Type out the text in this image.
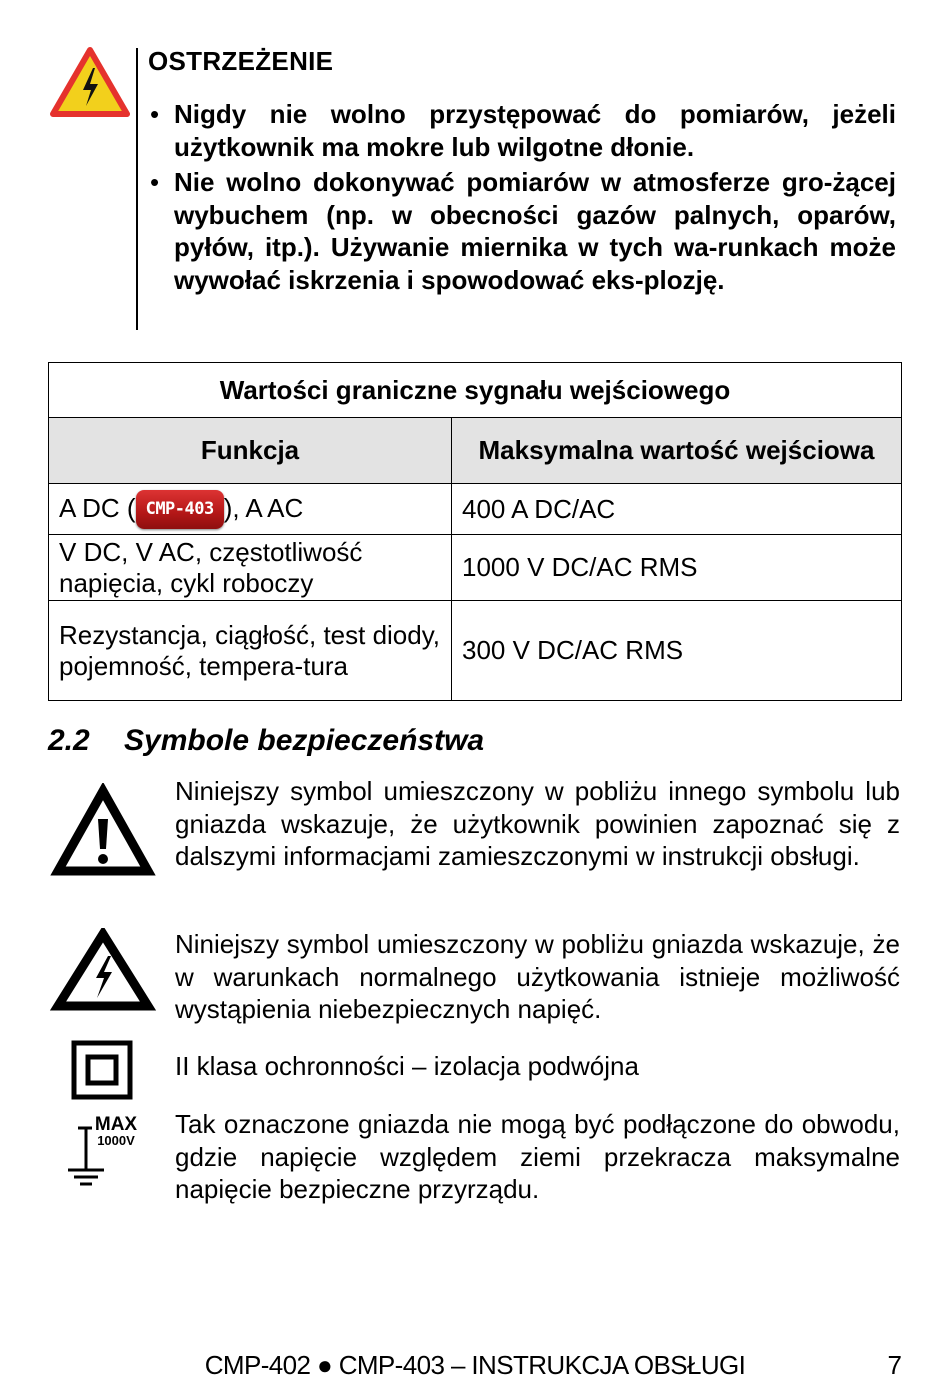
OSTRZEŻENIE
• Nigdy nie wolno przystępować do pomiarów, jeżeli użytkownik ma mokre lub wilgotne dłonie.
• Nie wolno dokonywać pomiarów w atmosferze gro-żącej wybuchem (np. w obecności gazów palnych, oparów, pyłów, itp.). Używanie miernika w tych wa-runkach może wywołać iskrzenia i spowodować eks-plozję.
Wartości graniczne sygnału wejściowego	
Funkcja	Maksymalna wartość wejściowa
A DC ( CMP-403 ), A AC	400 A DC/AC
V DC, V AC, częstotliwość napięcia, cykl roboczy	1000 V DC/AC RMS
Rezystancja, ciągłość, test diody, pojemność, tempera-tura	300 V DC/AC RMS
2.2 Symbole bezpieczeństwa
Niniejszy symbol umieszczony w pobliżu innego symbolu lub gniazda wskazuje, że użytkownik powinien zapoznać się z dalszymi informacjami zamieszczonymi w instrukcji obsługi.
Niniejszy symbol umieszczony w pobliżu gniazda wskazuje, że w warunkach normalnego użytkowania istnieje możliwość wystąpienia niebezpiecznych napięć.
II klasa ochronności – izolacja podwójna
MAX
1000V
Tak oznaczone gniazda nie mogą być podłączone do obwodu, gdzie napięcie względem ziemi przekracza maksymalne napięcie bezpieczne przyrządu.
CMP-402 ● CMP-403 – INSTRUKCJA OBSŁUGI	7
